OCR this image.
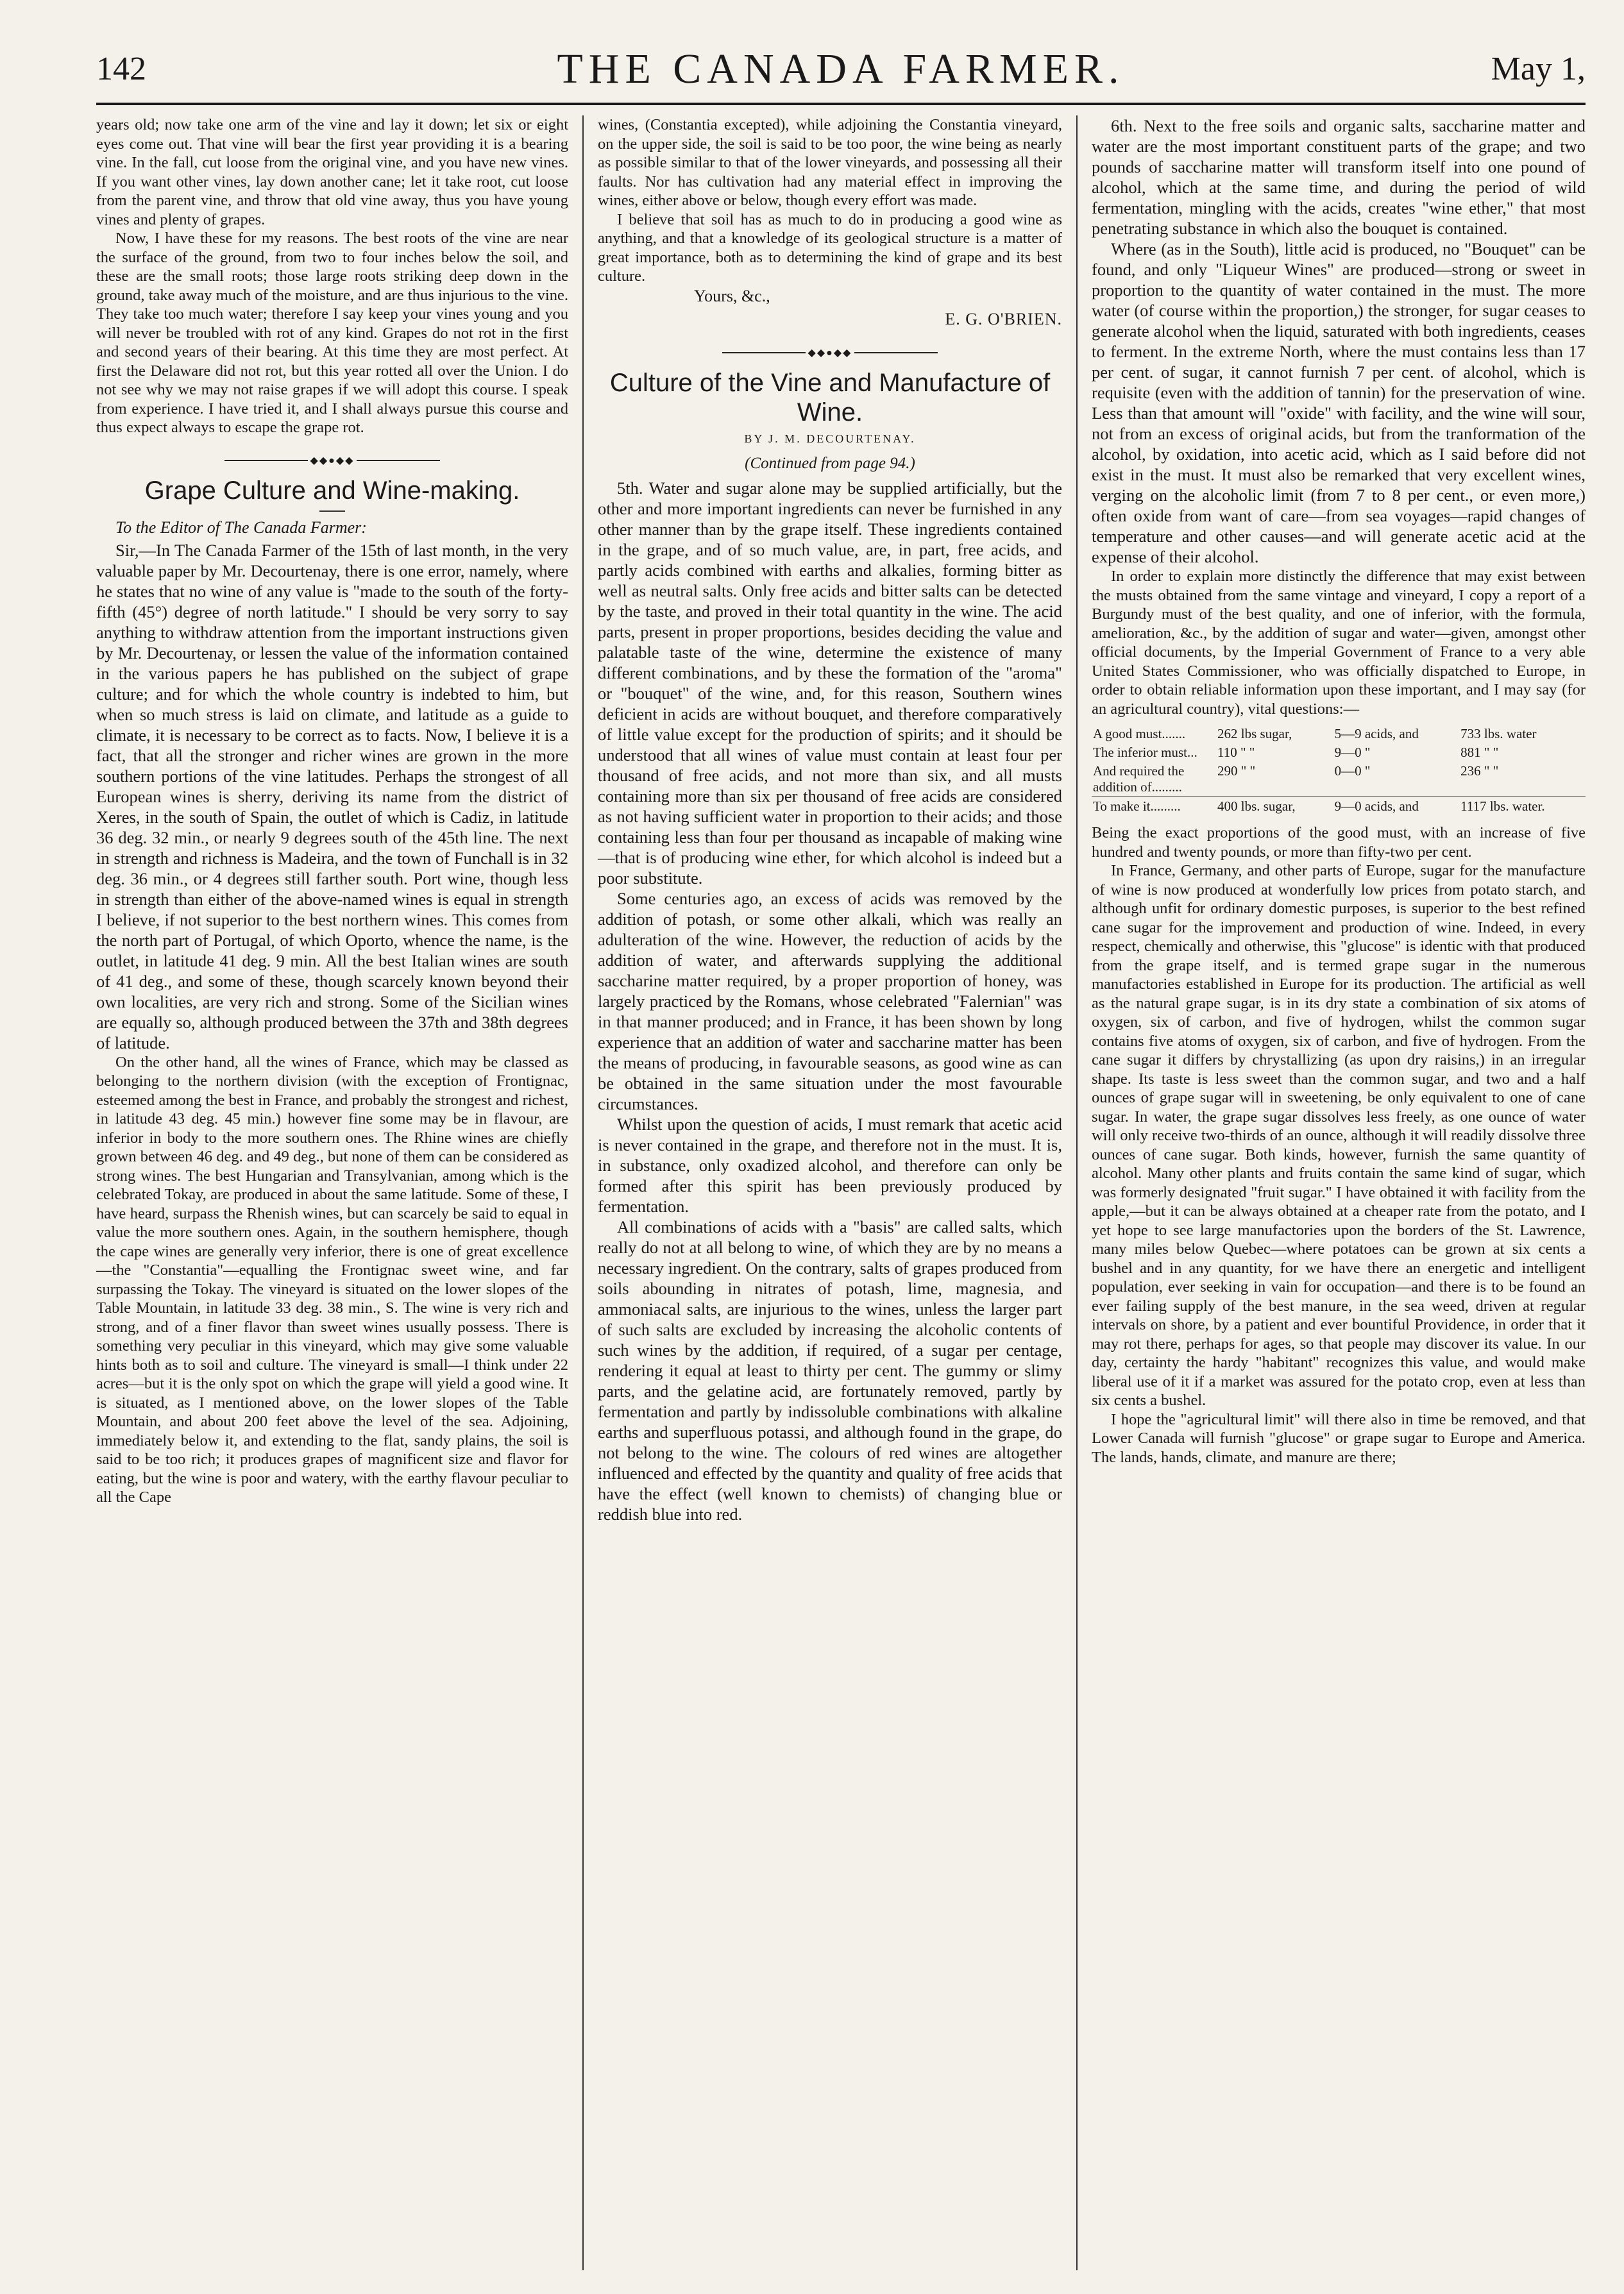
142	THE CANADA FARMER.	May 1,

years old; now take one arm of the vine and lay it down; let six or eight eyes come out. That vine will bear the first year providing it is a bearing vine. In the fall, cut loose from the original vine, and you have new vines. If you want other vines, lay down another cane; let it take root, cut loose from the parent vine, and throw that old vine away, thus you have young vines and plenty of grapes.

Now, I have these for my reasons. The best roots of the vine are near the surface of the ground, from two to four inches below the soil, and these are the small roots; those large roots striking deep down in the ground, take away much of the moisture, and are thus injurious to the vine. They take too much water; therefore I say keep your vines young and you will never be troubled with rot of any kind. Grapes do not rot in the first and second years of their bearing. At this time they are most perfect. At first the Delaware did not rot, but this year rotted all over the Union. I do not see why we may not raise grapes if we will adopt this course. I speak from experience. I have tried it, and I shall always pursue this course and thus expect always to escape the grape rot.

◆◆●◆◆
Grape Culture and Wine-making.
To the Editor of The Canada Farmer:

Sir,—In The Canada Farmer of the 15th of last month, in the very valuable paper by Mr. Decourtenay, there is one error, namely, where he states that no wine of any value is "made to the south of the forty-fifth (45°) degree of north latitude." I should be very sorry to say anything to withdraw attention from the important instructions given by Mr. Decourtenay, or lessen the value of the information contained in the various papers he has published on the subject of grape culture; and for which the whole country is indebted to him, but when so much stress is laid on climate, and latitude as a guide to climate, it is necessary to be correct as to facts. Now, I believe it is a fact, that all the stronger and richer wines are grown in the more southern portions of the vine latitudes. Perhaps the strongest of all European wines is sherry, deriving its name from the district of Xeres, in the south of Spain, the outlet of which is Cadiz, in latitude 36 deg. 32 min., or nearly 9 degrees south of the 45th line. The next in strength and richness is Madeira, and the town of Funchall is in 32 deg. 36 min., or 4 degrees still farther south. Port wine, though less in strength than either of the above-named wines is equal in strength I believe, if not superior to the best northern wines. This comes from the north part of Portugal, of which Oporto, whence the name, is the outlet, in latitude 41 deg. 9 min. All the best Italian wines are south of 41 deg., and some of these, though scarcely known beyond their own localities, are very rich and strong. Some of the Sicilian wines are equally so, although produced between the 37th and 38th degrees of latitude.

On the other hand, all the wines of France, which may be classed as belonging to the northern division (with the exception of Frontignac, esteemed among the best in France, and probably the strongest and richest, in latitude 43 deg. 45 min.) however fine some may be in flavour, are inferior in body to the more southern ones. The Rhine wines are chiefly grown between 46 deg. and 49 deg., but none of them can be considered as strong wines. The best Hungarian and Transylvanian, among which is the celebrated Tokay, are produced in about the same latitude. Some of these, I have heard, surpass the Rhenish wines, but can scarcely be said to equal in value the more southern ones. Again, in the southern hemisphere, though the cape wines are generally very inferior, there is one of great excellence—the "Constantia"—equalling the Frontignac sweet wine, and far surpassing the Tokay. The vineyard is situated on the lower slopes of the Table Mountain, in latitude 33 deg. 38 min., S. The wine is very rich and strong, and of a finer flavor than sweet wines usually possess. There is something very peculiar in this vineyard, which may give some valuable hints both as to soil and culture. The vineyard is small—I think under 22 acres—but it is the only spot on which the grape will yield a good wine. It is situated, as I mentioned above, on the lower slopes of the Table Mountain, and about 200 feet above the level of the sea. Adjoining, immediately below it, and extending to the flat, sandy plains, the soil is said to be too rich; it produces grapes of magnificent size and flavor for eating, but the wine is poor and watery, with the earthy flavour peculiar to all the Cape

wines, (Constantia excepted), while adjoining the Constantia vineyard, on the upper side, the soil is said to be too poor, the wine being as nearly as possible similar to that of the lower vineyards, and possessing all their faults. Nor has cultivation had any material effect in improving the wines, either above or below, though every effort was made.

I believe that soil has as much to do in producing a good wine as anything, and that a knowledge of its geological structure is a matter of great importance, both as to determining the kind of grape and its best culture.

Yours, &c.,
E. G. O'BRIEN.
◆◆●◆◆
Culture of the Vine and Manufacture of Wine.
BY J. M. DECOURTENAY.
(Continued from page 94.)

5th. Water and sugar alone may be supplied artificially, but the other and more important ingredients can never be furnished in any other manner than by the grape itself. These ingredients contained in the grape, and of so much value, are, in part, free acids, and partly acids combined with earths and alkalies, forming bitter as well as neutral salts. Only free acids and bitter salts can be detected by the taste, and proved in their total quantity in the wine. The acid parts, present in proper proportions, besides deciding the value and palatable taste of the wine, determine the existence of many different combinations, and by these the formation of the "aroma" or "bouquet" of the wine, and, for this reason, Southern wines deficient in acids are without bouquet, and therefore comparatively of little value except for the production of spirits; and it should be understood that all wines of value must contain at least four per thousand of free acids, and not more than six, and all musts containing more than six per thousand of free acids are considered as not having sufficient water in proportion to their acids; and those containing less than four per thousand as incapable of making wine—that is of producing wine ether, for which alcohol is indeed but a poor substitute.

Some centuries ago, an excess of acids was removed by the addition of potash, or some other alkali, which was really an adulteration of the wine. However, the reduction of acids by the addition of water, and afterwards supplying the additional saccharine matter required, by a proper proportion of honey, was largely practiced by the Romans, whose celebrated "Falernian" was in that manner produced; and in France, it has been shown by long experience that an addition of water and saccharine matter has been the means of producing, in favourable seasons, as good wine as can be obtained in the same situation under the most favourable circumstances.

Whilst upon the question of acids, I must remark that acetic acid is never contained in the grape, and therefore not in the must. It is, in substance, only oxadized alcohol, and therefore can only be formed after this spirit has been previously produced by fermentation.

All combinations of acids with a "basis" are called salts, which really do not at all belong to wine, of which they are by no means a necessary ingredient. On the contrary, salts of grapes produced from soils abounding in nitrates of potash, lime, magnesia, and ammoniacal salts, are injurious to the wines, unless the larger part of such salts are excluded by increasing the alcoholic contents of such wines by the addition, if required, of a sugar per centage, rendering it equal at least to thirty per cent. The gummy or slimy parts, and the gelatine acid, are fortunately removed, partly by fermentation and partly by indissoluble combinations with alkaline earths and superfluous potassi, and although found in the grape, do not belong to the wine. The colours of red wines are altogether influenced and effected by the quantity and quality of free acids that have the effect (well known to chemists) of changing blue or reddish blue into red.

6th. Next to the free soils and organic salts, saccharine matter and water are the most important constituent parts of the grape; and two pounds of saccharine matter will transform itself into one pound of alcohol, which at the same time, and during the period of wild fermentation, mingling with the acids, creates "wine ether," that most penetrating substance in which also the bouquet is contained.

Where (as in the South), little acid is produced, no "Bouquet" can be found, and only "Liqueur Wines" are produced—strong or sweet in proportion to the quantity of water contained in the must. The more water (of course within the proportion,) the stronger, for sugar ceases to generate alcohol when the liquid, saturated with both ingredients, ceases to ferment. In the extreme North, where the must contains less than 17 per cent. of sugar, it cannot furnish 7 per cent. of alcohol, which is requisite (even with the addition of tannin) for the preservation of wine. Less than that amount will "oxide" with facility, and the wine will sour, not from an excess of original acids, but from the tranformation of the alcohol, by oxidation, into acetic acid, which as I said before did not exist in the must. It must also be remarked that very excellent wines, verging on the alcoholic limit (from 7 to 8 per cent., or even more,) often oxide from want of care—from sea voyages—rapid changes of temperature and other causes—and will generate acetic acid at the expense of their alcohol.

In order to explain more distinctly the difference that may exist between the musts obtained from the same vintage and vineyard, I copy a report of a Burgundy must of the best quality, and one of inferior, with the formula, amelioration, &c., by the addition of sugar and water—given, amongst other official documents, by the Imperial Government of France to a very able United States Commissioner, who was officially dispatched to Europe, in order to obtain reliable information upon these important, and I may say (for an agricultural country), vital questions:—

A good must.......	262 lbs sugar,	5—9 acids, and	733 lbs. water
The inferior must...	110 " "	9—0 "	881 " "
And required the addition of.........	290 " "	0—0 "	236 " "
To make it.........	400 lbs. sugar,	9—0 acids, and	1117 lbs. water.

Being the exact proportions of the good must, with an increase of five hundred and twenty pounds, or more than fifty-two per cent.

In France, Germany, and other parts of Europe, sugar for the manufacture of wine is now produced at wonderfully low prices from potato starch, and although unfit for ordinary domestic purposes, is superior to the best refined cane sugar for the improvement and production of wine. Indeed, in every respect, chemically and otherwise, this "glucose" is identic with that produced from the grape itself, and is termed grape sugar in the numerous manufactories established in Europe for its production. The artificial as well as the natural grape sugar, is in its dry state a combination of six atoms of oxygen, six of carbon, and five of hydrogen, whilst the common sugar contains five atoms of oxygen, six of carbon, and five of hydrogen. From the cane sugar it differs by chrystallizing (as upon dry raisins,) in an irregular shape. Its taste is less sweet than the common sugar, and two and a half ounces of grape sugar will in sweetening, be only equivalent to one of cane sugar. In water, the grape sugar dissolves less freely, as one ounce of water will only receive two-thirds of an ounce, although it will readily dissolve three ounces of cane sugar. Both kinds, however, furnish the same quantity of alcohol. Many other plants and fruits contain the same kind of sugar, which was formerly designated "fruit sugar." I have obtained it with facility from the apple,—but it can be always obtained at a cheaper rate from the potato, and I yet hope to see large manufactories upon the borders of the St. Lawrence, many miles below Quebec—where potatoes can be grown at six cents a bushel and in any quantity, for we have there an energetic and intelligent population, ever seeking in vain for occupation—and there is to be found an ever failing supply of the best manure, in the sea weed, driven at regular intervals on shore, by a patient and ever bountiful Providence, in order that it may rot there, perhaps for ages, so that people may discover its value. In our day, certainty the hardy "habitant" recognizes this value, and would make liberal use of it if a market was assured for the potato crop, even at less than six cents a bushel.

I hope the "agricultural limit" will there also in time be removed, and that Lower Canada will furnish "glucose" or grape sugar to Europe and America. The lands, hands, climate, and manure are there;
